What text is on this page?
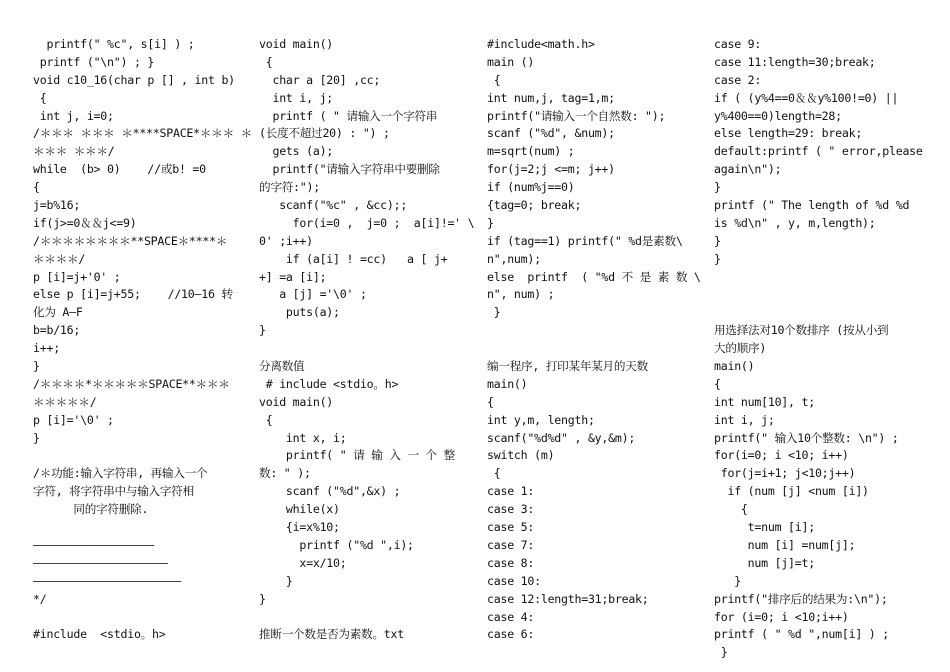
printf(" %c", s[i] ) ;
printf ("\n") ; }
void c10_16(char p [] , int b)
{
int j, i=0;
/＊＊＊ ＊＊＊ ＊****SPACE*＊＊＊ ＊
＊＊＊ ＊＊＊/
while  (b> 0)    //或b! =0
{
j=b%16;
if(j>=0＆＆j<=9)
/＊＊＊＊＊＊＊＊**SPACE＊****＊
＊＊＊＊/
p [i]=j+'0' ;
else p [i]=j+55;    //10—16 转
化为 A—F
b=b/16;
i++;
}
/＊＊＊＊*＊＊＊＊＊SPACE**＊＊＊
＊＊＊＊＊/
p [i]='\0' ;
}
/＊功能:输入字符串, 再输入一个
字符, 将字符串中与输入字符相
同的字符删除.
——————————————————
————————————————————
——————————————————————
*/
#include  <stdio。h>
void main()
{
char a [20] ,cc;
int i, j;
printf ( " 请输入一个字符串
(长度不超过20) : ") ;
gets (a);
printf("请输入字符串中要删除
的字符:");
scanf("%c" , &cc);;
for(i=0 ,  j=0 ;  a[i]!=' \
0' ;i++)
if (a[i] ! =cc)   a [ j+
+] =a [i];
a [j] ='\0' ;
puts(a);
}
分离数值
# include <stdio。h>
void main()
{
int x, i;
printf( " 请 输 入 一 个 整
数: " );
scanf ("%d",&x) ;
while(x)
{i=x%10;
printf ("%d ",i);
x=x/10;
}
}
推断一个数是否为素数。txt
#include<math.h>
main ()
{
int num,j, tag=1,m;
printf("请输入一个自然数: ");
scanf ("%d", &num);
m=sqrt(num) ;
for(j=2;j <=m; j++)
if (num%j==0)
{tag=0; break;
}
if (tag==1) printf(" %d是素数\
n",num);
else  printf  ( "%d 不 是 素 数 \
n", num) ;
}
编一程序, 打印某年某月的天数
main()
{
int y,m, length;
scanf("%d%d" , &y,&m);
switch (m)
{
case 1:
case 3:
case 5:
case 7:
case 8:
case 10:
case 12:length=31;break;
case 4:
case 6:
case 9:
case 11:length=30;break;
case 2:
if ( (y%4==0＆＆y%100!=0) ||
y%400==0)length=28;
else length=29: break;
default:printf ( " error,please
again\n");
}
printf (" The length of %d %d
is %d\n" , y, m,length);
}
}
用选择法对10个数排序 (按从小到
大的顺序)
main()
{
int num[10], t;
int i, j;
printf(" 输入10个整数: \n") ;
for(i=0; i <10; i++)
for(j=i+1; j<10;j++)
if (num [j] <num [i])
{
t=num [i];
num [i] =num[j];
num [j]=t;
}
printf("排序后的结果为:\n");
for (i=0; i <10;i++)
printf ( " %d ",num[i] ) ;
}
